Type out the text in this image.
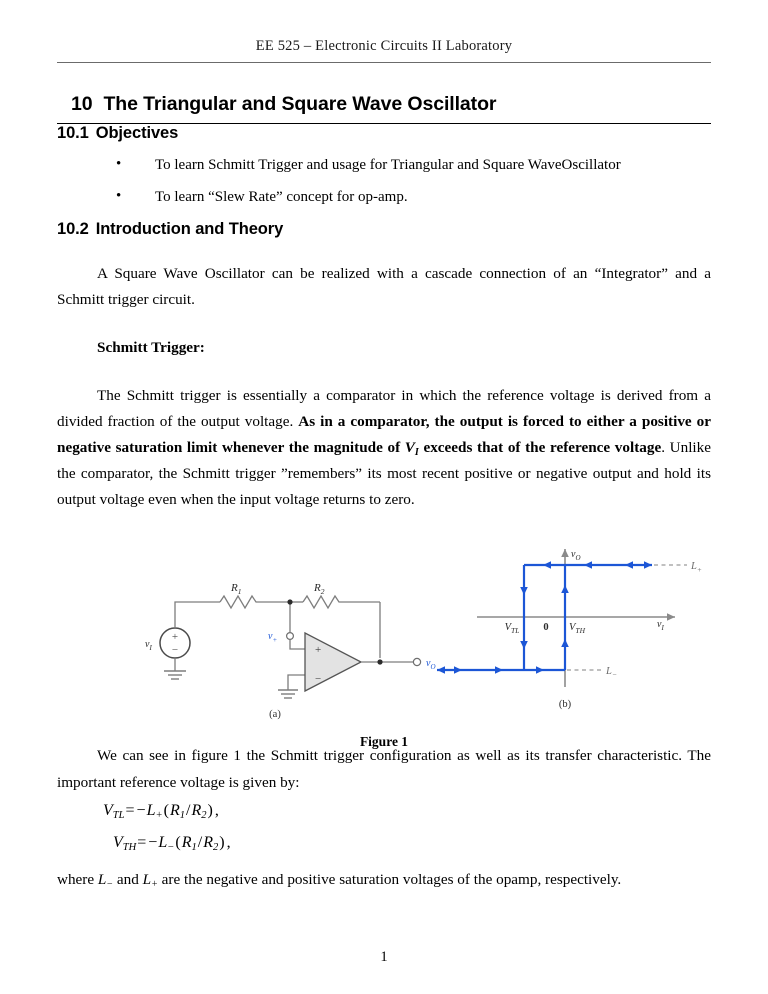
EE 525 – Electronic Circuits II Laboratory
10 The Triangular and Square Wave Oscillator
10.1 Objectives
• To learn Schmitt Trigger and usage for Triangular and Square WaveOscillator
• To learn “Slew Rate” concept for op-amp.
10.2 Introduction and Theory

A Square Wave Oscillator can be realized with a cascade connection of an “Integrator” and a Schmitt trigger circuit.

Schmitt Trigger:

The Schmitt trigger is essentially a comparator in which the reference voltage is derived from a divided fraction of the output voltage. As in a comparator, the output is forced to either a positive or negative saturation limit whenever the magnitude of $V_I$ exceeds that of the reference voltage. Unlike the comparator, the Schmitt trigger ”remembers” its most recent positive or negative output and hold its output voltage even when the input voltage returns to zero.

+
−	+
−
$v_I$
$R_1$	$R_2$
$v_+$
$v_O$
(a)
$v_O$
$v_I$
$V_{TL}$	$V_{TH}$
0
$L_+$
$L_-$
(b)
Figure 1

We can see in figure 1 the Schmitt trigger configuration as well as its transfer characteristic. The important reference voltage is given by:

$V_{TL}= -L_+(R_1/R_2)$ ,
$V_{TH}= -L_-(R_1/R_2)$ ,

where $L_-$ and $L_+$ are the negative and positive saturation voltages of the opamp, respectively.

1
